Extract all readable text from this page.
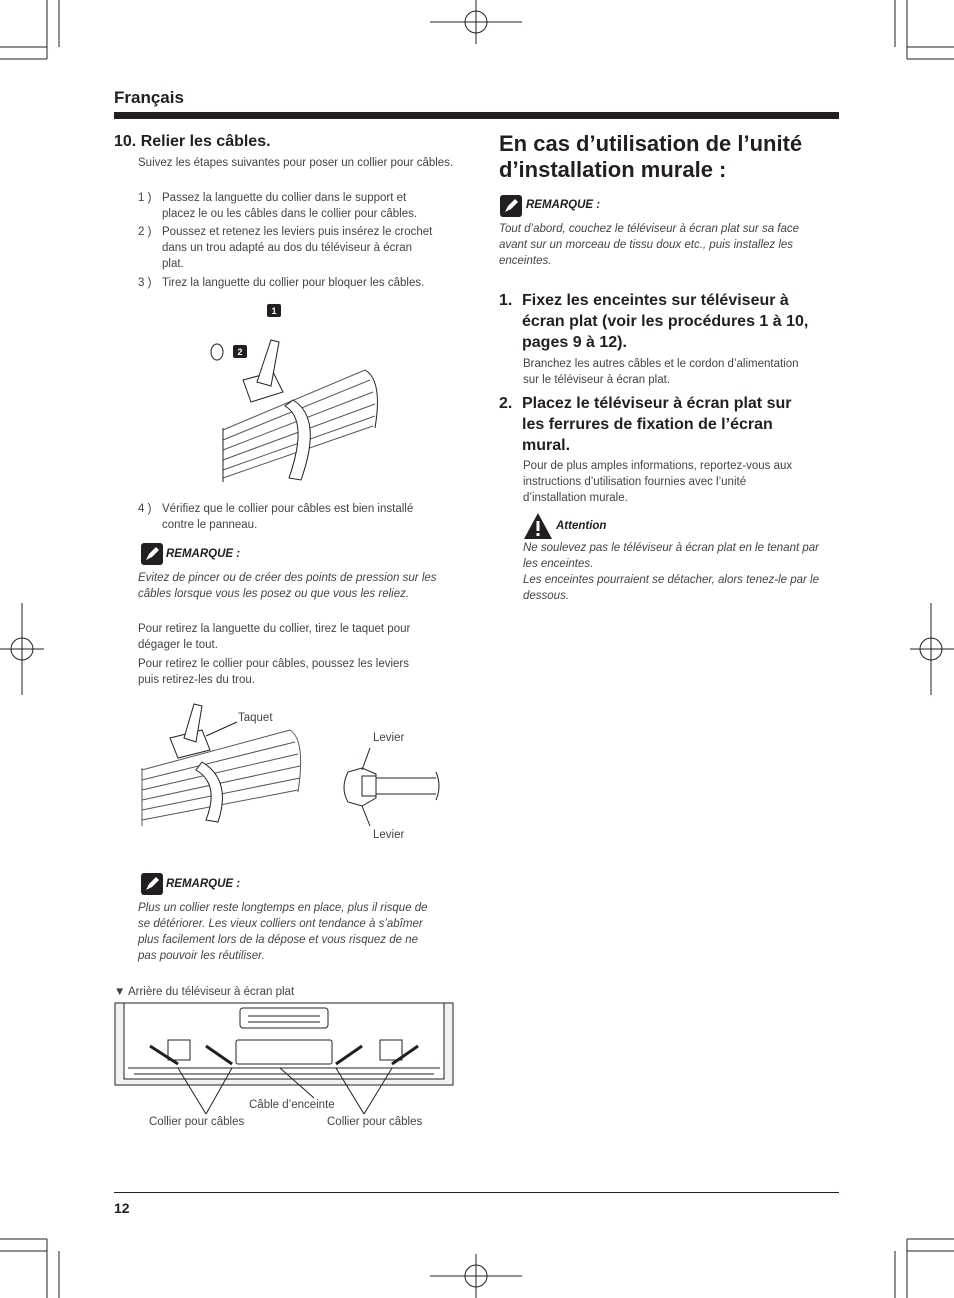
Français
10. Relier les câbles.
Suivez les étapes suivantes pour poser un collier pour câbles.
1 ) Passez la languette du collier dans le support et
placez le ou les câbles dans le collier pour câbles.
2 ) Poussez et retenez les leviers puis insérez le crochet
dans un trou adapté au dos du téléviseur à écran
plat.
3 ) Tirez la languette du collier pour bloquer les câbles.
1
2
4 ) Vérifiez que le collier pour câbles est bien installé
contre le panneau.
REMARQUE :
Evitez de pincer ou de créer des points de pression sur les
câbles lorsque vous les posez ou que vous les reliez.
Pour retirez la languette du collier, tirez le taquet pour
dégager le tout.
Pour retirez le collier pour câbles, poussez les leviers
puis retirez-les du trou.
Taquet
Levier
Levier
REMARQUE :
Plus un collier reste longtemps en place, plus il risque de
se détériorer. Les vieux colliers ont tendance à s’abîmer
plus facilement lors de la dépose et vous risquez de ne
pas pouvoir les réutiliser.
▼ Arrière du téléviseur à écran plat
Câble d’enceinte
Collier pour câbles	Collier pour câbles
En cas d’utilisation de l’unité
d’installation murale :
REMARQUE :
Tout d’abord, couchez le téléviseur à écran plat sur sa face
avant sur un morceau de tissu doux etc., puis installez les
enceintes.
1. Fixez les enceintes sur téléviseur à
écran plat (voir les procédures 1 à 10,
pages 9 à 12).
Branchez les autres câbles et le cordon d’alimentation
sur le téléviseur à écran plat.
2. Placez le téléviseur à écran plat sur
les ferrures de fixation de l’écran
mural.
Pour de plus amples informations, reportez-vous aux
instructions d’utilisation fournies avec l’unité
d’installation murale.
Attention
Ne soulevez pas le téléviseur à écran plat en le tenant par
les enceintes.
Les enceintes pourraient se détacher, alors tenez-le par le
dessous.
12
